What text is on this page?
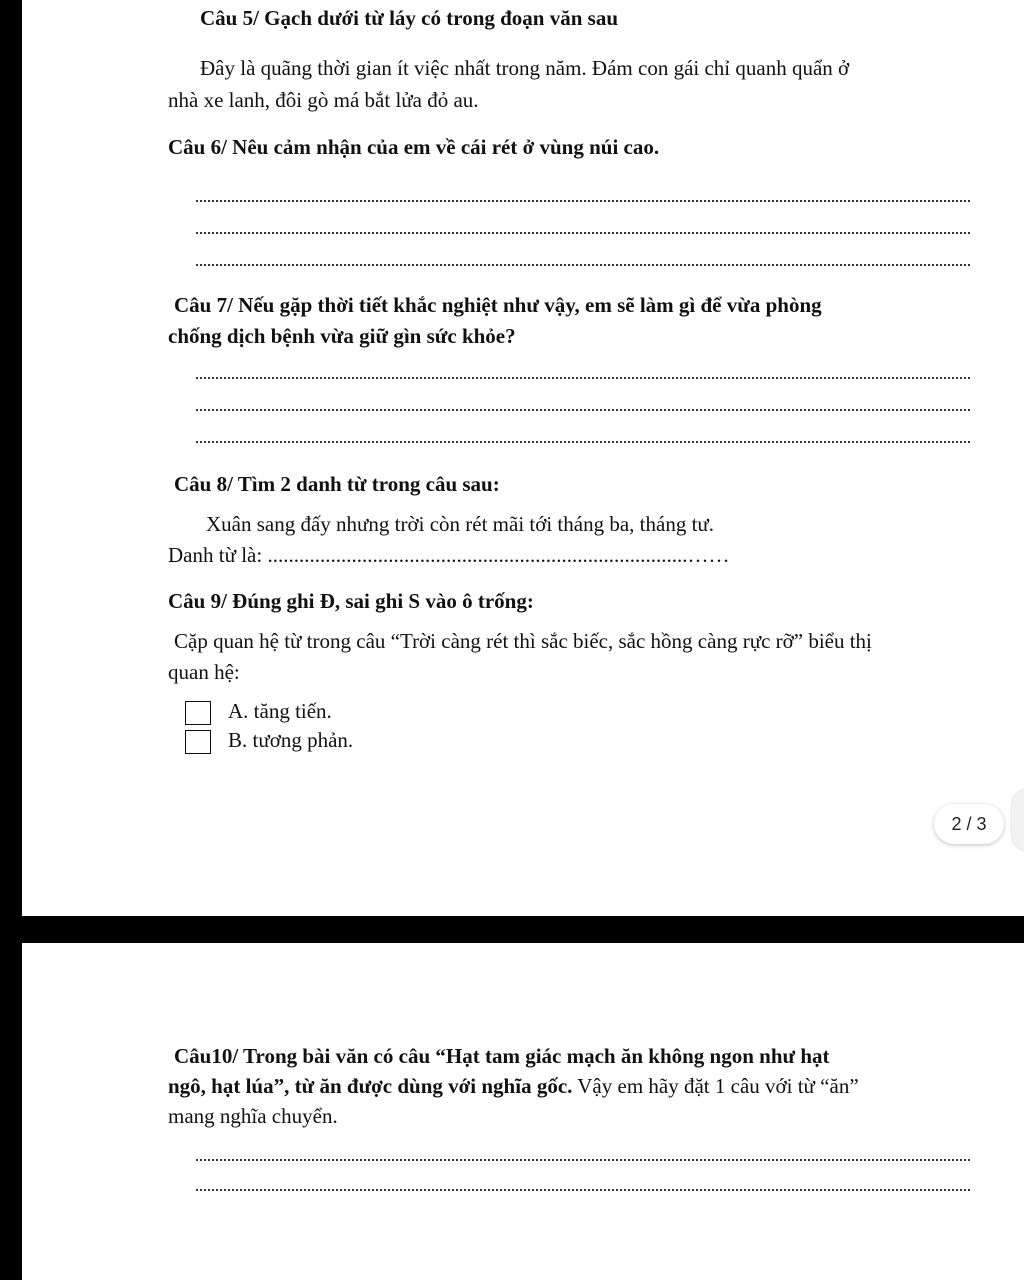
Câu 5/ Gạch dưới từ láy có trong đoạn văn sau
Đây là quãng thời gian ít việc nhất trong năm. Đám con gái chỉ quanh quẩn ở
nhà xe lanh, đôi gò má bắt lửa đỏ au.
Câu 6/ Nêu cảm nhận của em về cái rét ở vùng núi cao.
Câu 7/ Nếu gặp thời tiết khắc nghiệt như vậy, em sẽ làm gì để vừa phòng
chống dịch bệnh vừa giữ gìn sức khỏe?
Câu 8/ Tìm 2 danh từ trong câu sau:
Xuân sang đấy nhưng trời còn rét mãi tới tháng ba, tháng tư.
Danh từ là: ................................................................................……
Câu 9/ Đúng ghi Đ, sai ghi S vào ô trống:
Cặp quan hệ từ trong câu “Trời càng rét thì sắc biếc, sắc hồng càng rực rỡ” biểu thị
quan hệ:
A. tăng tiến.
B. tương phản.
2 / 3
Câu10/ Trong bài văn có câu “Hạt tam giác mạch ăn không ngon như hạt
ngô, hạt lúa”, từ ăn được dùng với nghĩa gốc. Vậy em hãy đặt 1 câu với từ “ăn”
mang nghĩa chuyển.
